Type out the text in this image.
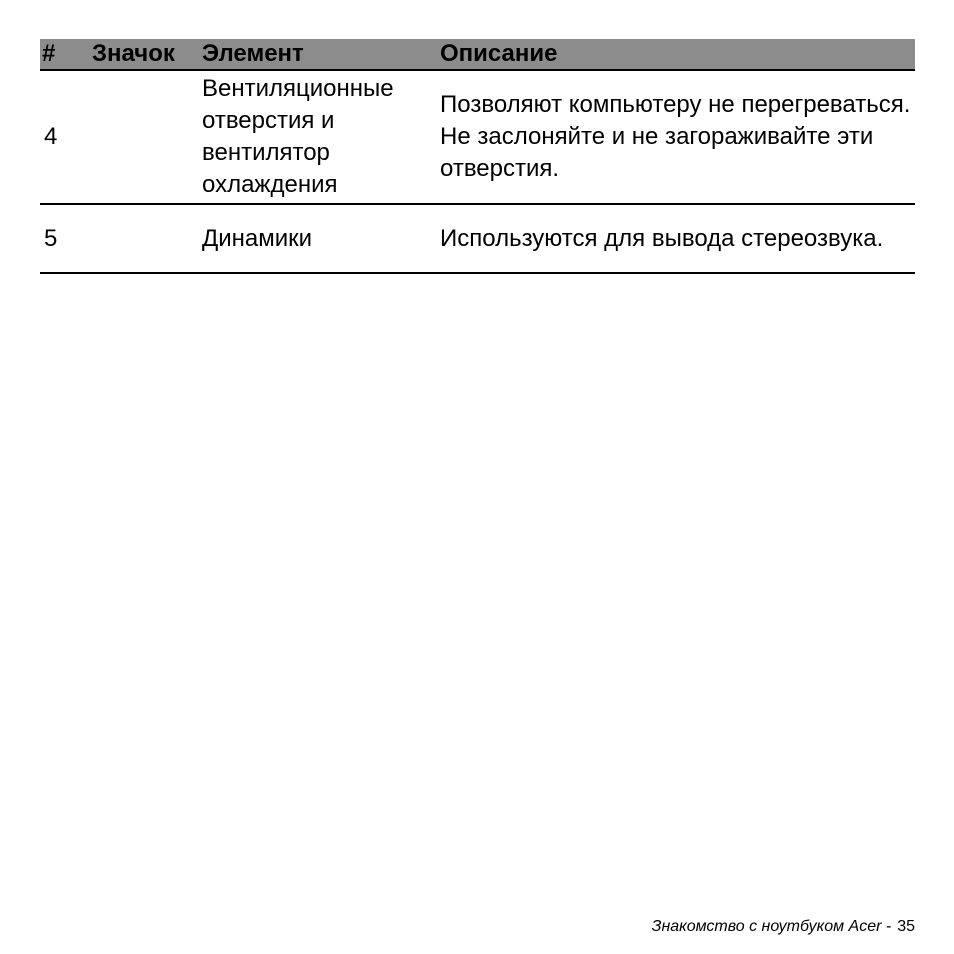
#	Значок	Элемент	Описание
4		Вентиляционные отверстия и вентилятор охлаждения	Позволяют компьютеру не перегреваться.
Не заслоняйте и не загораживайте эти отверстия.

5		Динамики	Используются для вывода стереозвука.
Знакомство с ноутбуком Acer - 35
